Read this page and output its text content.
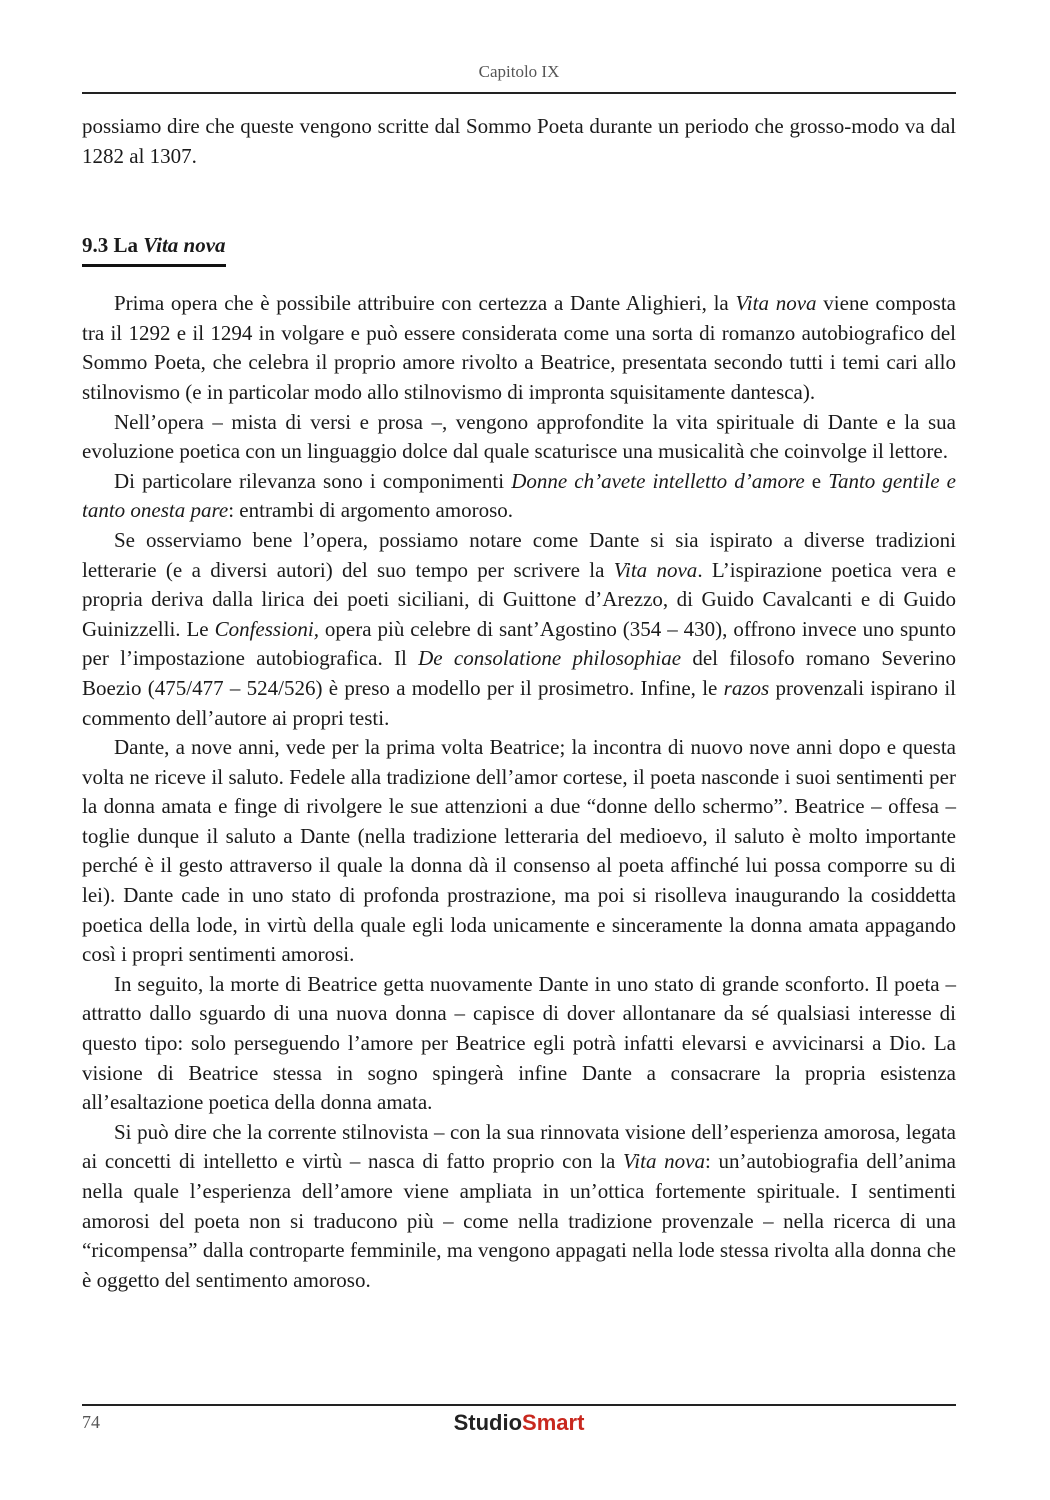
Capitolo IX

possiamo dire che queste vengono scritte dal Sommo Poeta durante un periodo che grosso-modo va dal 1282 al 1307.

9.3 La Vita nova

Prima opera che è possibile attribuire con certezza a Dante Alighieri, la Vita nova viene composta tra il 1292 e il 1294 in volgare e può essere considerata come una sorta di romanzo autobiografico del Sommo Poeta, che celebra il proprio amore rivolto a Beatrice, presentata secondo tutti i temi cari allo stilnovismo (e in particolar modo allo stilnovismo di impronta squisitamente dantesca).

Nell’opera – mista di versi e prosa –, vengono approfondite la vita spirituale di Dante e la sua evoluzione poetica con un linguaggio dolce dal quale scaturisce una musicalità che coinvolge il lettore.

Di particolare rilevanza sono i componimenti Donne ch’avete intelletto d’amore e Tanto gentile e tanto onesta pare: entrambi di argomento amoroso.

Se osserviamo bene l’opera, possiamo notare come Dante si sia ispirato a diverse tradizioni letterarie (e a diversi autori) del suo tempo per scrivere la Vita nova. L’ispirazione poetica vera e propria deriva dalla lirica dei poeti siciliani, di Guittone d’Arezzo, di Guido Cavalcanti e di Guido Guinizzelli. Le Confessioni, opera più celebre di sant’Agostino (354 – 430), offrono invece uno spunto per l’impostazione autobiografica. Il De consolatione philosophiae del filosofo romano Severino Boezio (475/477 – 524/526) è preso a modello per il prosimetro. Infine, le razos provenzali ispirano il commento dell’autore ai propri testi.

Dante, a nove anni, vede per la prima volta Beatrice; la incontra di nuovo nove anni dopo e questa volta ne riceve il saluto. Fedele alla tradizione dell’amor cortese, il poeta nasconde i suoi sentimenti per la donna amata e finge di rivolgere le sue attenzioni a due “donne dello schermo”. Beatrice – offesa – toglie dunque il saluto a Dante (nella tradizione letteraria del medioevo, il saluto è molto importante perché è il gesto attraverso il quale la donna dà il consenso al poeta affinché lui possa comporre su di lei). Dante cade in uno stato di profonda prostrazione, ma poi si risolleva inaugurando la cosiddetta poetica della lode, in virtù della quale egli loda unicamente e sinceramente la donna amata appagando così i propri sentimenti amorosi.

In seguito, la morte di Beatrice getta nuovamente Dante in uno stato di grande sconforto. Il poeta – attratto dallo sguardo di una nuova donna – capisce di dover allontanare da sé qualsiasi interesse di questo tipo: solo perseguendo l’amore per Beatrice egli potrà infatti elevarsi e avvicinarsi a Dio. La visione di Beatrice stessa in sogno spingerà infine Dante a consacrare la propria esistenza all’esaltazione poetica della donna amata.

Si può dire che la corrente stilnovista – con la sua rinnovata visione dell’esperienza amorosa, legata ai concetti di intelletto e virtù – nasca di fatto proprio con la Vita nova: un’autobiografia dell’anima nella quale l’esperienza dell’amore viene ampliata in un’ottica fortemente spirituale. I sentimenti amorosi del poeta non si traducono più – come nella tradizione provenzale – nella ricerca di una “ricompensa” dalla controparte femminile, ma vengono appagati nella lode stessa rivolta alla donna che è oggetto del sentimento amoroso.

74	StudioSmart
